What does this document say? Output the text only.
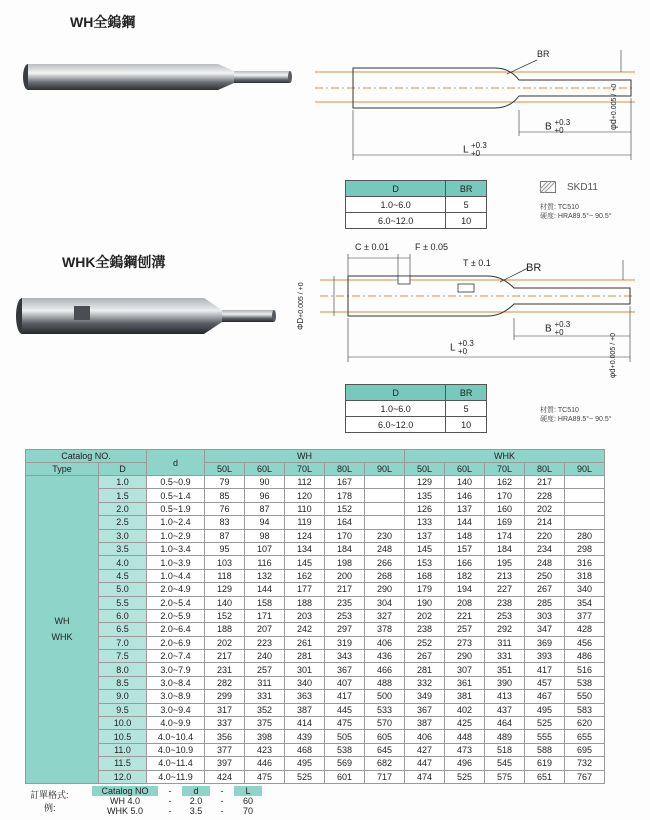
WH全鎢鋼
BR
B +0.3
+0
L +0.3
+0
φd+0.005 / +0
D	BR
1.0~6.0	5
6.0~12.0	10
SKD11
材質: TC510
硬度: HRA89.5°~ 90.5°
WHK全鎢鋼刨溝
C ± 0.01	F ± 0.05
T ± 0.1	BR
B +0.3
+0
L +0.3
+0
ΦD+0.005 / +0
φd+0.005 / +0
D	BR
1.0~6.0	5
6.0~12.0	10
材質: TC510
硬度: HRA89.5°~ 90.5°
Catalog NO.		d	WH					WHK				
Type	D		50L	60L	70L	80L	90L	50L	60L	70L	80L	90L

WH
WHK	1.0	0.5~0.9	79	90	112	167		129	140	162	217	
	1.5	0.5~1.4	85	96	120	178		135	146	170	228	
	2.0	0.5~1.9	76	87	110	152		126	137	160	202	
	2.5	1.0~2.4	83	94	119	164		133	144	169	214	
	3.0	1.0~2.9	87	98	124	170	230	137	148	174	220	280
	3.5	1.0~3.4	95	107	134	184	248	145	157	184	234	298
	4.0	1.0~3.9	103	116	145	198	266	153	166	195	248	316
	4.5	1.0~4.4	118	132	162	200	268	168	182	213	250	318
	5.0	2.0~4.9	129	144	177	217	290	179	194	227	267	340
	5.5	2.0~5.4	140	158	188	235	304	190	208	238	285	354
	6.0	2.0~5.9	152	171	203	253	327	202	221	253	303	377
	6.5	2.0~6.4	188	207	242	297	378	238	257	292	347	428
	7.0	2.0~6.9	202	223	261	319	406	252	273	311	369	456
	7.5	2.0~7.4	217	240	281	343	436	267	290	331	393	486
	8.0	3.0~7.9	231	257	301	367	466	281	307	351	417	516
	8.5	3.0~8.4	282	311	340	407	488	332	361	390	457	538
	9.0	3.0~8.9	299	331	363	417	500	349	381	413	467	550
	9.5	3.0~9.4	317	352	387	445	533	367	402	437	495	583
	10.0	4.0~9.9	337	375	414	475	570	387	425	464	525	620
	10.5	4.0~10.4	356	398	439	505	605	406	448	489	555	655
	11.0	4.0~10.9	377	423	468	538	645	427	473	518	588	695
	11.5	4.0~11.4	397	446	495	569	682	447	496	545	619	732
	12.0	4.0~11.9	424	475	525	601	717	474	525	575	651	767
訂單格式:
例:
Catalog NO	-	d	-	L
WH 4.0	-	2.0	-	60
WHK 5.0	-	3.5	-	70
